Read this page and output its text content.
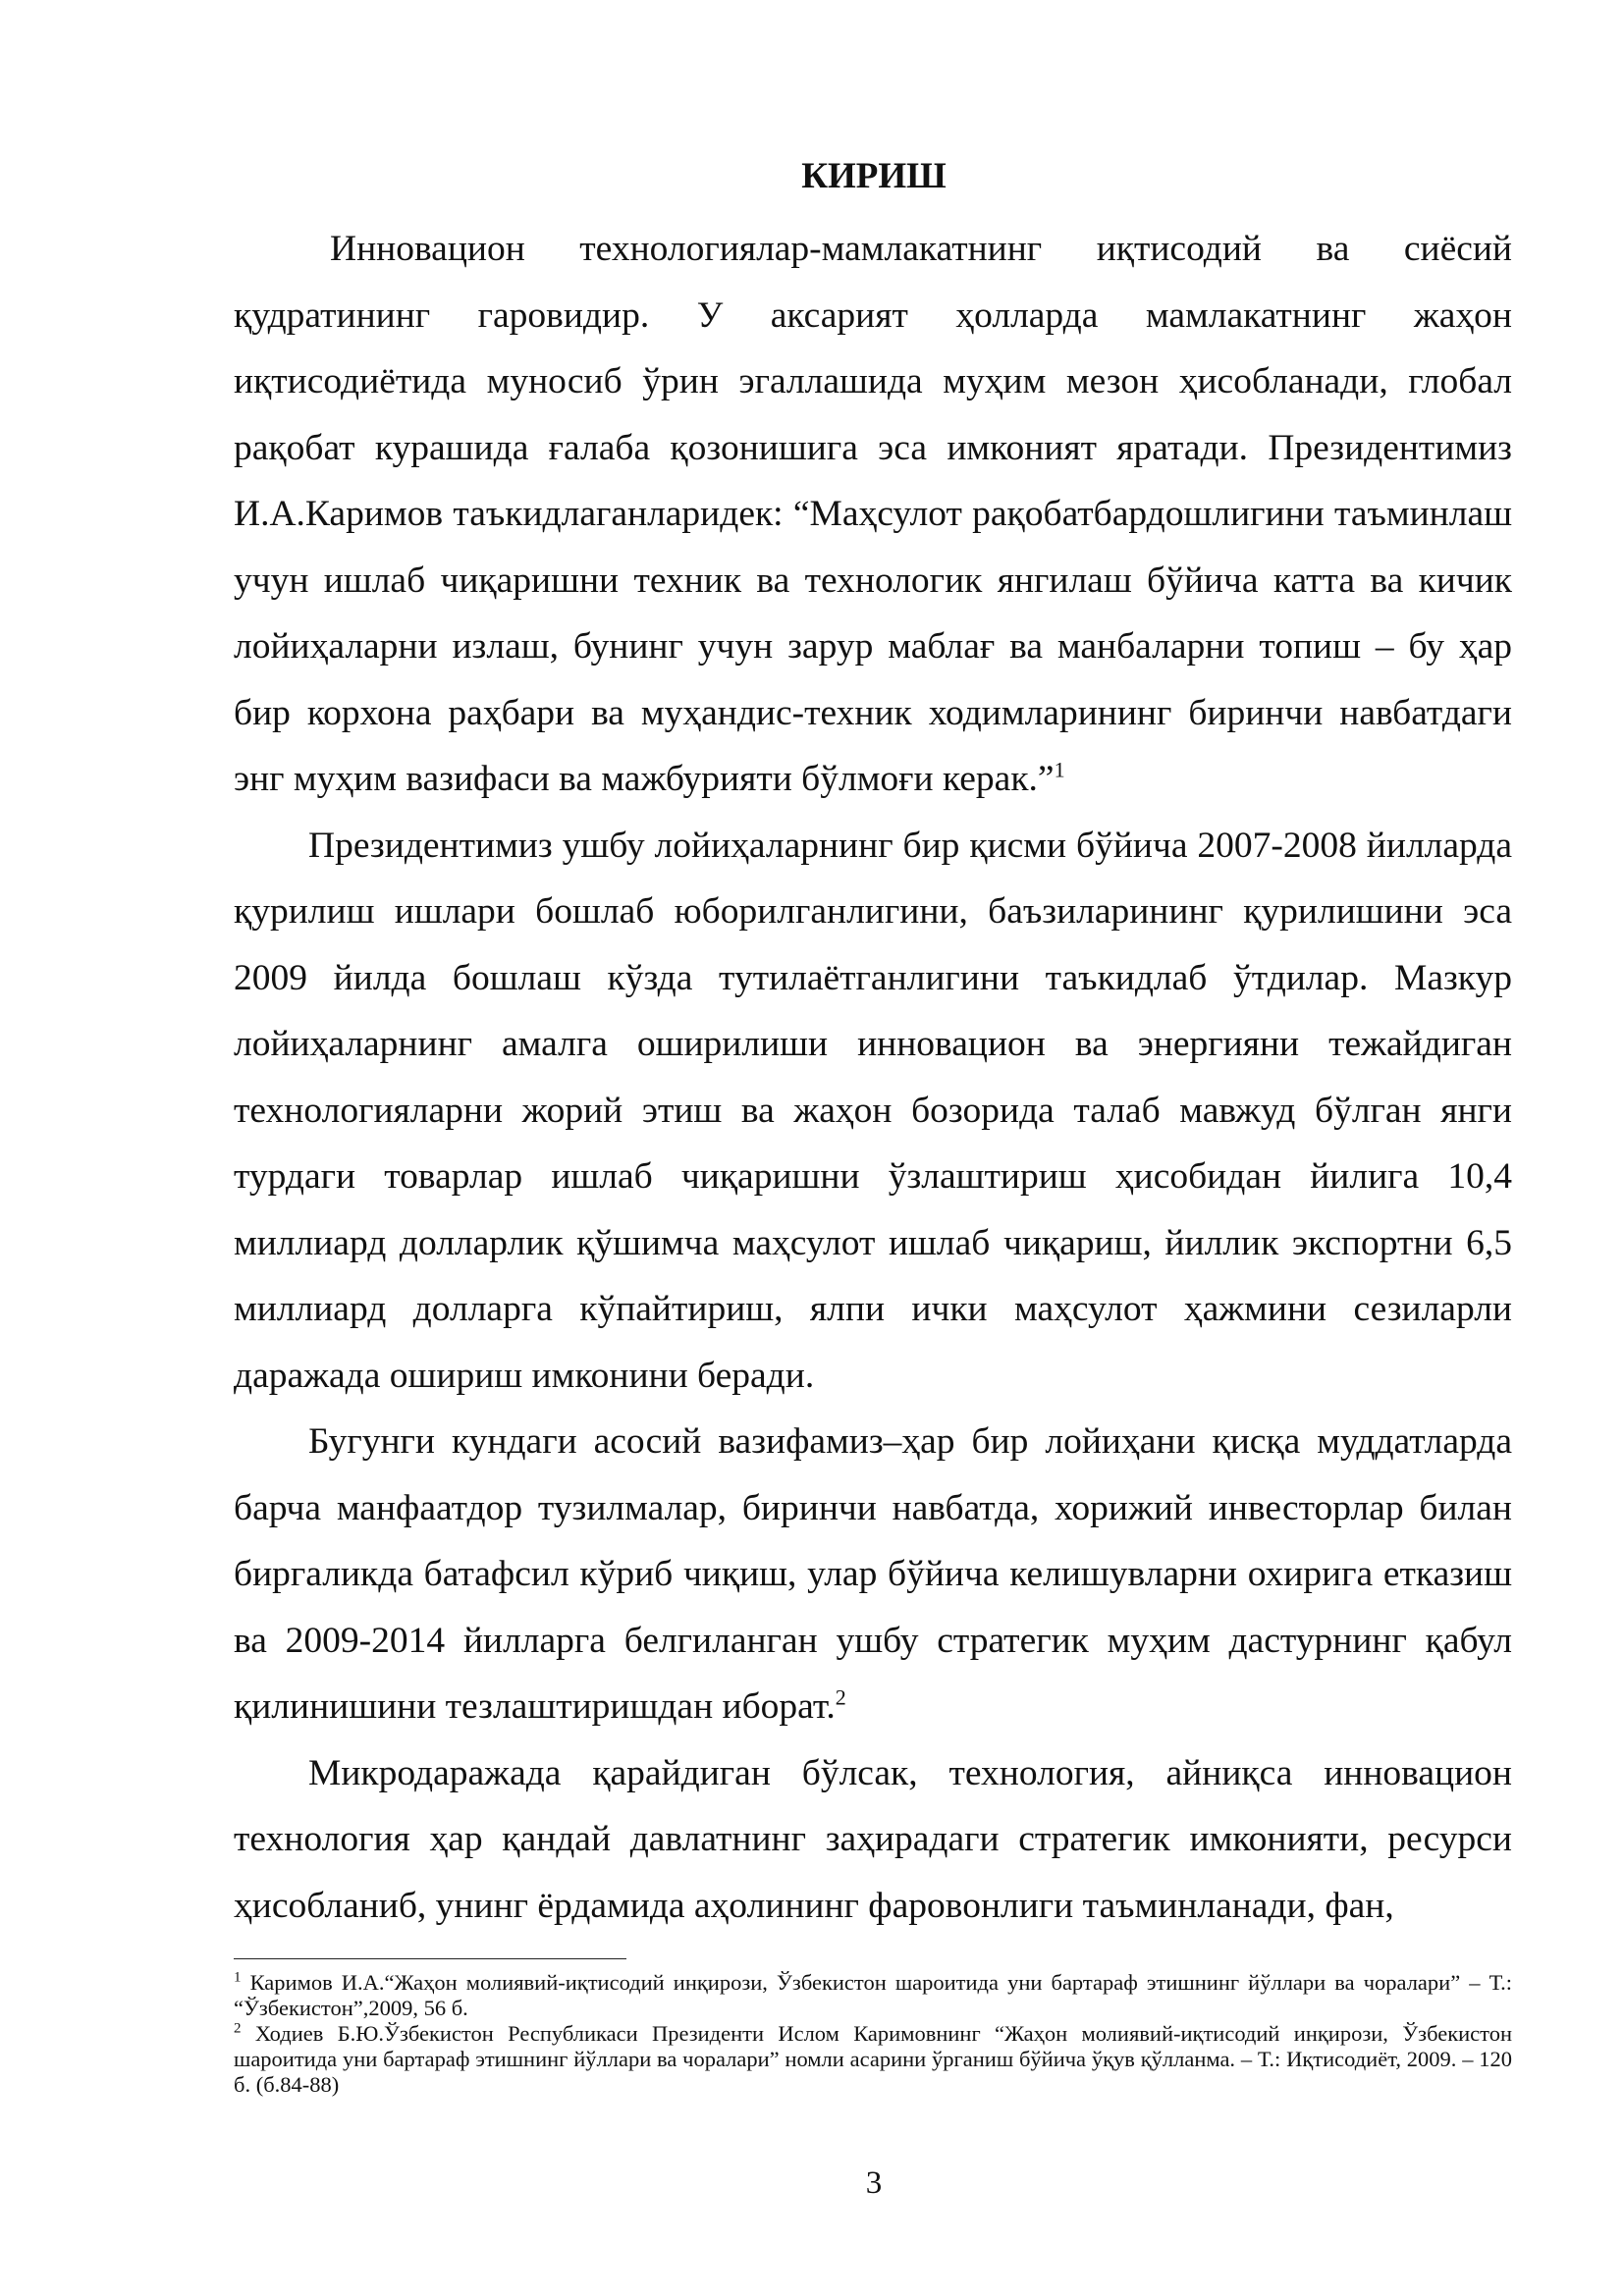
КИРИШ

Инновацион технологиялар-мамлакатнинг иқтисодий ва сиёсий қудратининг гаровидир. У аксарият ҳолларда мамлакатнинг жаҳон иқтисодиётида муносиб ўрин эгаллашида муҳим мезон ҳисобланади, глобал рақобат курашида ғалаба қозонишига эса имконият яратади. Президентимиз И.А.Каримов таъкидлаганларидек: “Маҳсулот рақобатбардошлигини таъминлаш учун ишлаб чиқаришни техник ва технологик янгилаш бўйича катта ва кичик лойиҳаларни излаш, бунинг учун зарур маблағ ва манбаларни топиш – бу ҳар бир корхона раҳбари ва муҳандис-техник ходимларининг биринчи навбатдаги энг муҳим вазифаси ва мажбурияти бўлмоғи керак.”$^1$

Президентимиз ушбу лойиҳаларнинг бир қисми бўйича 2007-2008 йилларда қурилиш ишлари бошлаб юборилганлигини, баъзиларининг қурилишини эса 2009 йилда бошлаш кўзда тутилаётганлигини таъкидлаб ўтдилар. Мазкур лойиҳаларнинг амалга оширилиши инновацион ва энергияни тежайдиган технологияларни жорий этиш ва жаҳон бозорида талаб мавжуд бўлган янги турдаги товарлар ишлаб чиқаришни ўзлаштириш ҳисобидан йилига 10,4 миллиард долларлик қўшимча маҳсулот ишлаб чиқариш, йиллик экспортни 6,5 миллиард долларга кўпайтириш, ялпи ички маҳсулот ҳажмини сезиларли даражада ошириш имконини беради.

Бугунги кундаги асосий вазифамиз–ҳар бир лойиҳани қисқа муддатларда барча манфаатдор тузилмалар, биринчи навбатда, хорижий инвесторлар билан биргаликда батафсил кўриб чиқиш, улар бўйича келишувларни охирига етказиш ва 2009-2014 йилларга белгиланган ушбу стратегик муҳим дастурнинг қабул қилинишини тезлаштиришдан иборат.$^2$

Микродаражада қарайдиган бўлсак, технология, айниқса инновацион технология ҳар қандай давлатнинг заҳирадаги стратегик имконияти, ресурси ҳисобланиб, унинг ёрдамида аҳолининг фаровонлиги таъминланади, фан,

$^1$ Каримов И.А.“Жаҳон молиявий-иқтисодий инқирози, Ўзбекистон шароитида уни бартараф этишнинг йўллари ва чоралари” – Т.: “Ўзбекистон”,2009, 56 б.

$^2$ Ходиев Б.Ю.Ўзбекистон Республикаси Президенти Ислом Каримовнинг “Жаҳон молиявий-иқтисодий инқирози, Ўзбекистон шароитида уни бартараф этишнинг йўллари ва чоралари” номли асарини ўрганиш бўйича ўқув қўлланма. – Т.: Иқтисодиёт, 2009. – 120 б. (б.84-88)

3
